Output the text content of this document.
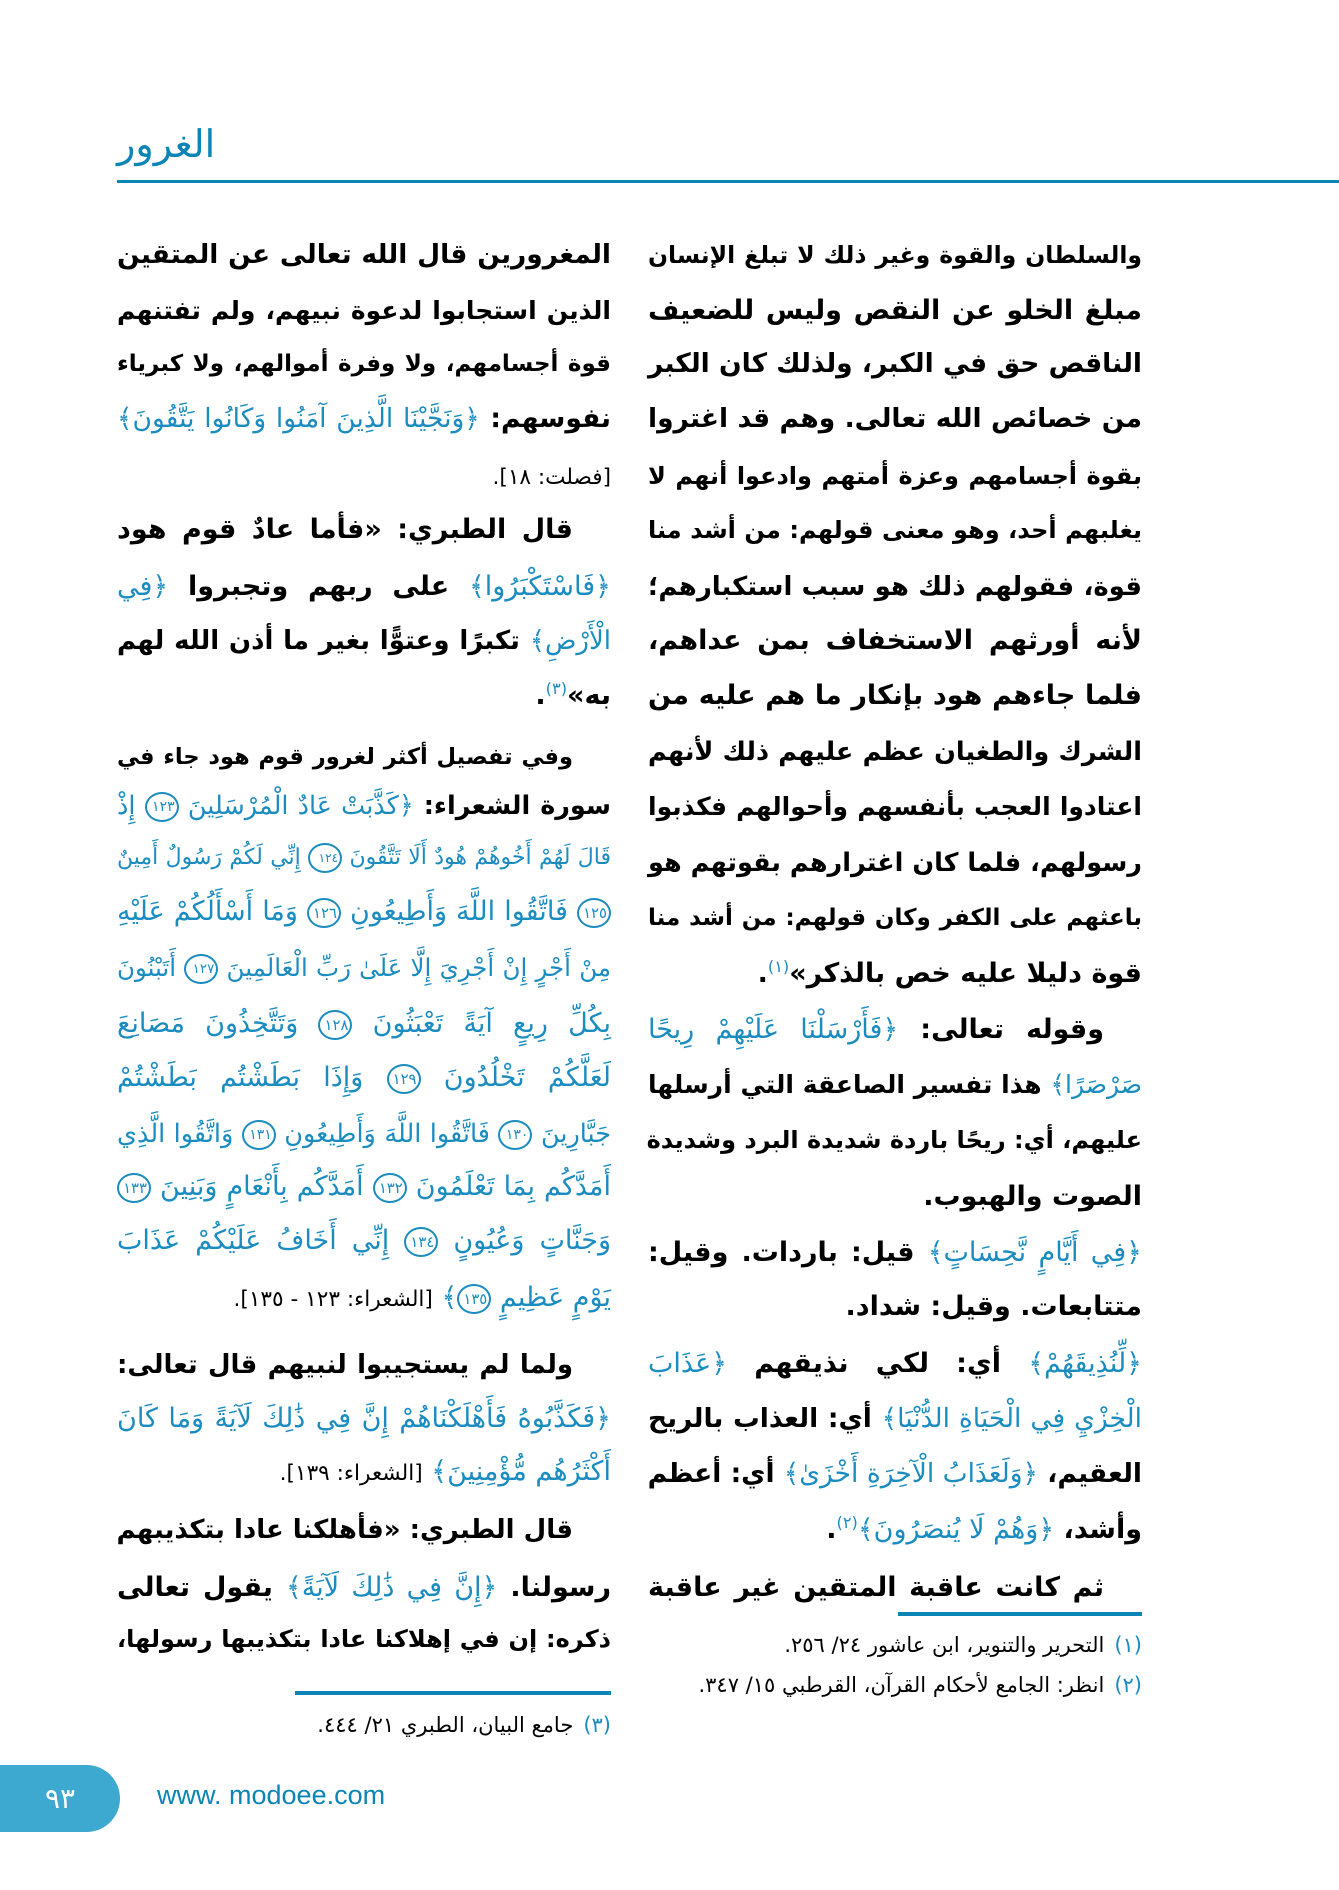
الغرور
والسلطان والقوة وغير ذلك لا تبلغ الإنسان
مبلغ الخلو عن النقص وليس للضعيف
الناقص حق في الكبر، ولذلك كان الكبر
من خصائص الله تعالى. وهم قد اغتروا
بقوة أجسامهم وعزة أمتهم وادعوا أنهم لا
يغلبهم أحد، وهو معنى قولهم: من أشد منا
قوة، فقولهم ذلك هو سبب استكبارهم؛
لأنه أورثهم الاستخفاف بمن عداهم،
فلما جاءهم هود بإنكار ما هم عليه من
الشرك والطغيان عظم عليهم ذلك لأنهم
اعتادوا العجب بأنفسهم وأحوالهم فكذبوا
رسولهم، فلما كان اغترارهم بقوتهم هو
باعثهم على الكفر وكان قولهم: من أشد منا
قوة دليلا عليه خص بالذكر»$^{(١)}$.
وقوله تعالى: ﴿فَأَرْسَلْنَا عَلَيْهِمْ رِيحًا
صَرْصَرًا﴾ هذا تفسير الصاعقة التي أرسلها
عليهم، أي: ريحًا باردة شديدة البرد وشديدة
الصوت والهبوب.
﴿فِي أَيَّامٍ نَّحِسَاتٍ﴾ قيل: باردات. وقيل:
متتابعات. وقيل: شداد.
﴿لِّنُذِيقَهُمْ﴾ أي: لكي نذيقهم ﴿عَذَابَ
الْخِزْيِ فِي الْحَيَاةِ الدُّنْيَا﴾ أي: العذاب بالريح
العقيم، ﴿وَلَعَذَابُ الْآخِرَةِ أَخْزَىٰ﴾ أي: أعظم
وأشد، ﴿وَهُمْ لَا يُنصَرُونَ﴾$^{(٢)}$.
ثم كانت عاقبة المتقين غير عاقبة
المغرورين قال الله تعالى عن المتقين
الذين استجابوا لدعوة نبيهم، ولم تفتنهم
قوة أجسامهم، ولا وفرة أموالهم، ولا كبرياء
نفوسهم: ﴿وَنَجَّيْنَا الَّذِينَ آمَنُوا وَكَانُوا يَتَّقُونَ﴾
[فصلت: ١٨].
قال الطبري: «فأما عادٌ قوم هود
﴿فَاسْتَكْبَرُوا﴾ على ربهم وتجبروا ﴿فِي
الْأَرْضِ﴾ تكبرًا وعتوًّا بغير ما أذن الله لهم
به»$^{(٣)}$.
وفي تفصيل أكثر لغرور قوم هود جاء في
سورة الشعراء: ﴿كَذَّبَتْ عَادٌ الْمُرْسَلِينَ ١٢٣ إِذْ
قَالَ لَهُمْ أَخُوهُمْ هُودٌ أَلَا تَتَّقُونَ ١٢٤ إِنِّي لَكُمْ رَسُولٌ أَمِينٌ
١٢٥ فَاتَّقُوا اللَّهَ وَأَطِيعُونِ ١٢٦ وَمَا أَسْأَلُكُمْ عَلَيْهِ
مِنْ أَجْرٍ إِنْ أَجْرِيَ إِلَّا عَلَىٰ رَبِّ الْعَالَمِينَ ١٢٧ أَتَبْنُونَ
بِكُلِّ رِيعٍ آيَةً تَعْبَثُونَ ١٢٨ وَتَتَّخِذُونَ مَصَانِعَ
لَعَلَّكُمْ تَخْلُدُونَ ١٢٩ وَإِذَا بَطَشْتُم بَطَشْتُمْ
جَبَّارِينَ ١٣٠ فَاتَّقُوا اللَّهَ وَأَطِيعُونِ ١٣١ وَاتَّقُوا الَّذِي
أَمَدَّكُم بِمَا تَعْلَمُونَ ١٣٢ أَمَدَّكُم بِأَنْعَامٍ وَبَنِينَ ١٣٣
وَجَنَّاتٍ وَعُيُونٍ ١٣٤ إِنِّي أَخَافُ عَلَيْكُمْ عَذَابَ
يَوْمٍ عَظِيمٍ ١٣٥﴾ [الشعراء: ١٢٣ - ١٣٥].
ولما لم يستجيبوا لنبيهم قال تعالى:
﴿فَكَذَّبُوهُ فَأَهْلَكْنَاهُمْ إِنَّ فِي ذَٰلِكَ لَآيَةً وَمَا كَانَ
أَكْثَرُهُم مُّؤْمِنِينَ﴾ [الشعراء: ١٣٩].
قال الطبري: «فأهلكنا عادا بتكذيبهم
رسولنا. ﴿إِنَّ فِي ذَٰلِكَ لَآيَةً﴾ يقول تعالى
ذكره: إن في إهلاكنا عادا بتكذيبها رسولها،	(١)التحرير والتنوير، ابن عاشور ٢٤/ ٢٥٦.
(٢)انظر: الجامع لأحكام القرآن، القرطبي ١٥/ ٣٤٧.
(٣)جامع البيان، الطبري ٢١/ ٤٤٤.
٩٣	www. modoee.com
